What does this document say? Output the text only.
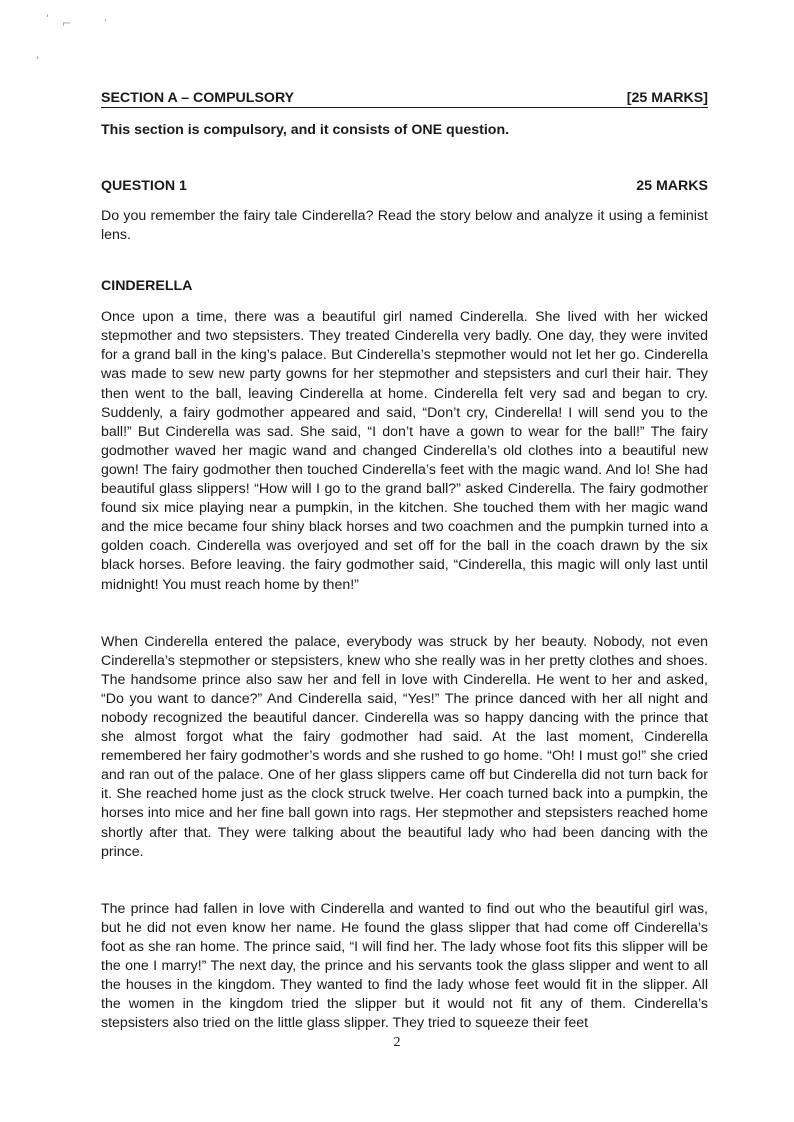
ʹ ⌐	ʾ
ʹ
SECTION A – COMPULSORY	[25 MARKS]
This section is compulsory, and it consists of ONE question.
QUESTION 1	25 MARKS
Do you remember the fairy tale Cinderella? Read the story below and analyze it using a feminist lens.
CINDERELLA

Once upon a time, there was a beautiful girl named Cinderella. She lived with her wicked stepmother and two stepsisters. They treated Cinderella very badly. One day, they were invited for a grand ball in the king’s palace. But Cinderella’s stepmother would not let her go. Cinderella was made to sew new party gowns for her stepmother and stepsisters and curl their hair. They then went to the ball, leaving Cinderella at home. Cinderella felt very sad and began to cry. Suddenly, a fairy godmother appeared and said, “Don’t cry, Cinderella! I will send you to the ball!” But Cinderella was sad. She said, “I don’t have a gown to wear for the ball!” The fairy godmother waved her magic wand and changed Cinderella’s old clothes into a beautiful new gown! The fairy godmother then touched Cinderella’s feet with the magic wand. And lo! She had beautiful glass slippers! “How will I go to the grand ball?” asked Cinderella. The fairy godmother found six mice playing near a pumpkin, in the kitchen. She touched them with her magic wand and the mice became four shiny black horses and two coachmen and the pumpkin turned into a golden coach. Cinderella was overjoyed and set off for the ball in the coach drawn by the six black horses. Before leaving. the fairy godmother said, “Cinderella, this magic will only last until midnight! You must reach home by then!”

When Cinderella entered the palace, everybody was struck by her beauty. Nobody, not even Cinderella’s stepmother or stepsisters, knew who she really was in her pretty clothes and shoes. The handsome prince also saw her and fell in love with Cinderella. He went to her and asked, “Do you want to dance?” And Cinderella said, “Yes!” The prince danced with her all night and nobody recognized the beautiful dancer. Cinderella was so happy dancing with the prince that she almost forgot what the fairy godmother had said. At the last moment, Cinderella remembered her fairy godmother’s words and she rushed to go home. “Oh! I must go!” she cried and ran out of the palace. One of her glass slippers came off but Cinderella did not turn back for it. She reached home just as the clock struck twelve. Her coach turned back into a pumpkin, the horses into mice and her fine ball gown into rags. Her stepmother and stepsisters reached home shortly after that. They were talking about the beautiful lady who had been dancing with the prince.

The prince had fallen in love with Cinderella and wanted to find out who the beautiful girl was, but he did not even know her name. He found the glass slipper that had come off Cinderella’s foot as she ran home. The prince said, “I will find her. The lady whose foot fits this slipper will be the one I marry!” The next day, the prince and his servants took the glass slipper and went to all the houses in the kingdom. They wanted to find the lady whose feet would fit in the slipper. All the women in the kingdom tried the slipper but it would not fit any of them. Cinderella’s stepsisters also tried on the little glass slipper. They tried to squeeze their feet

2
